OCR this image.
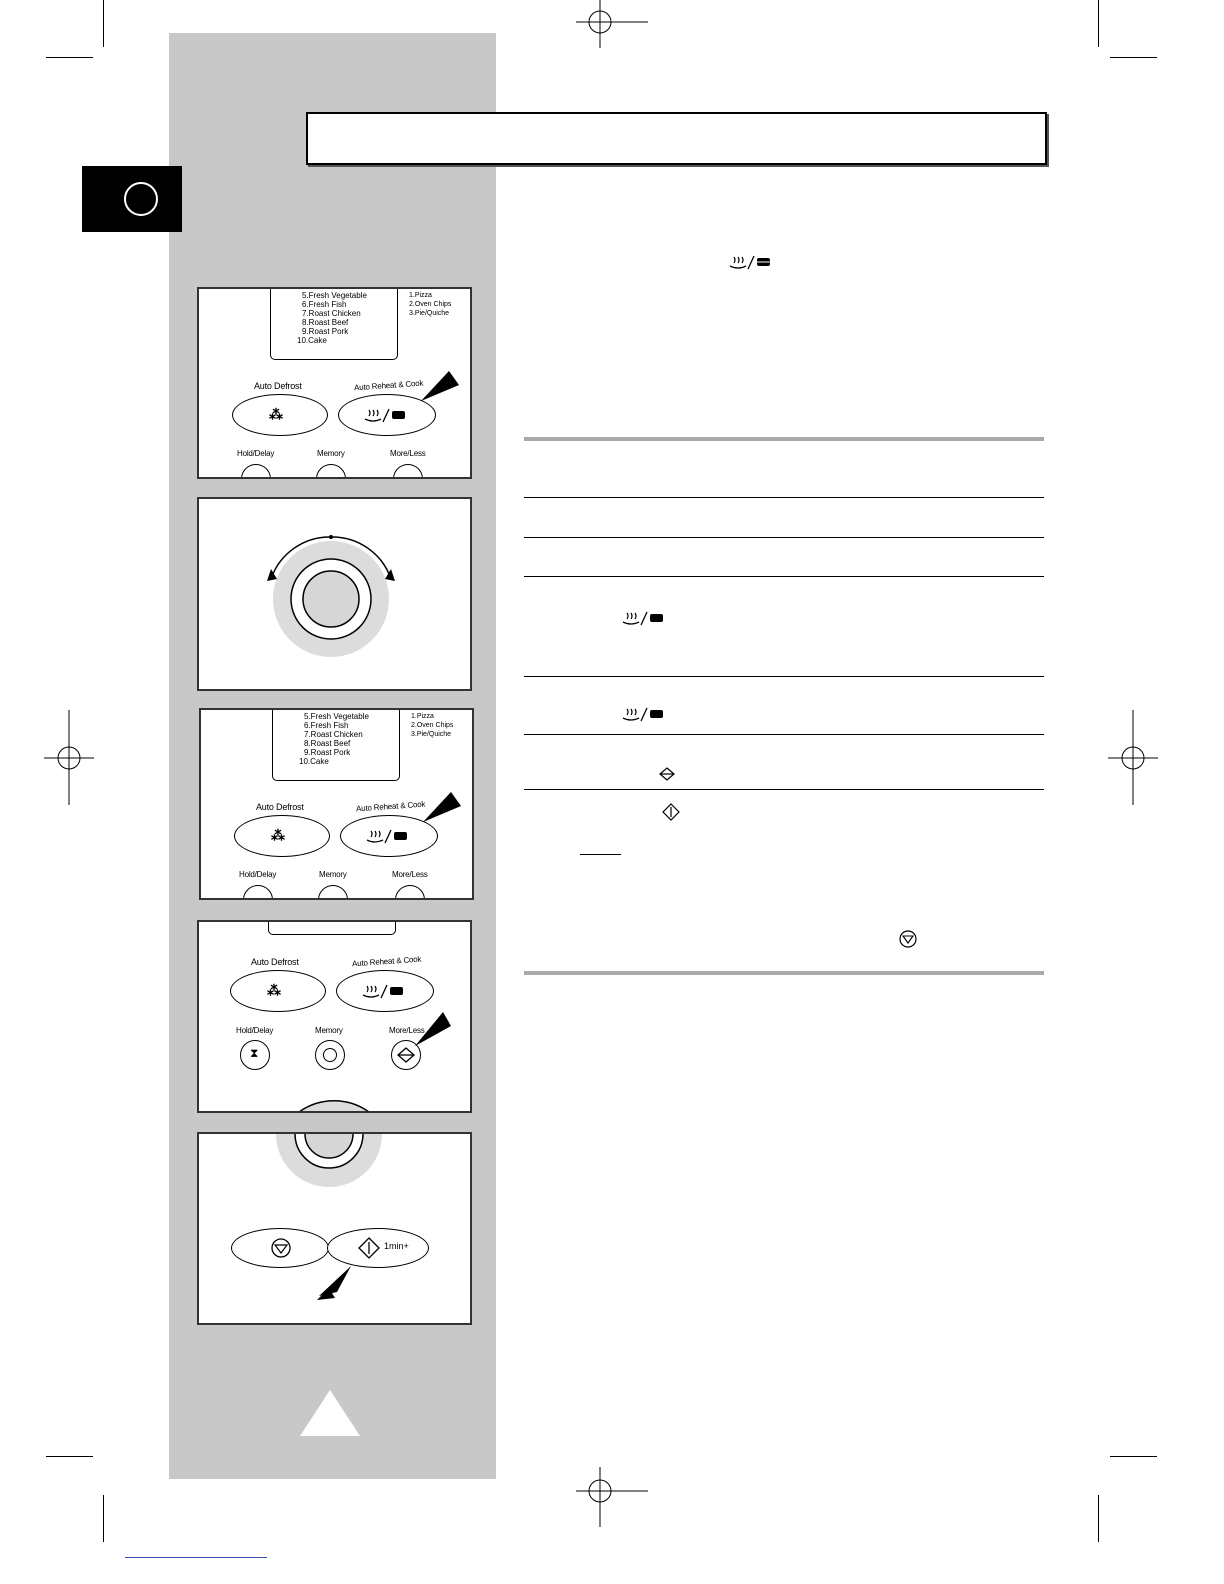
5.Fresh Vegetable
6.Fresh Fish
7.Roast Chicken
8.Roast Beef
9.Roast Pork
10.Cake
1.Pizza
2.Oven Chips
3.Pie/Quiche
Auto Defrost	Auto Reheat & Cook
⁂
Hold/Delay	Memory	More/Less
5.Fresh Vegetable
6.Fresh Fish
7.Roast Chicken
8.Roast Beef
9.Roast Pork
10.Cake
1.Pizza
2.Oven Chips
3.Pie/Quiche
Auto Defrost	Auto Reheat & Cook
⁂
Hold/Delay	Memory	More/Less
Auto Defrost	Auto Reheat & Cook
⁂
Hold/Delay	Memory	More/Less
⧗
1min+
